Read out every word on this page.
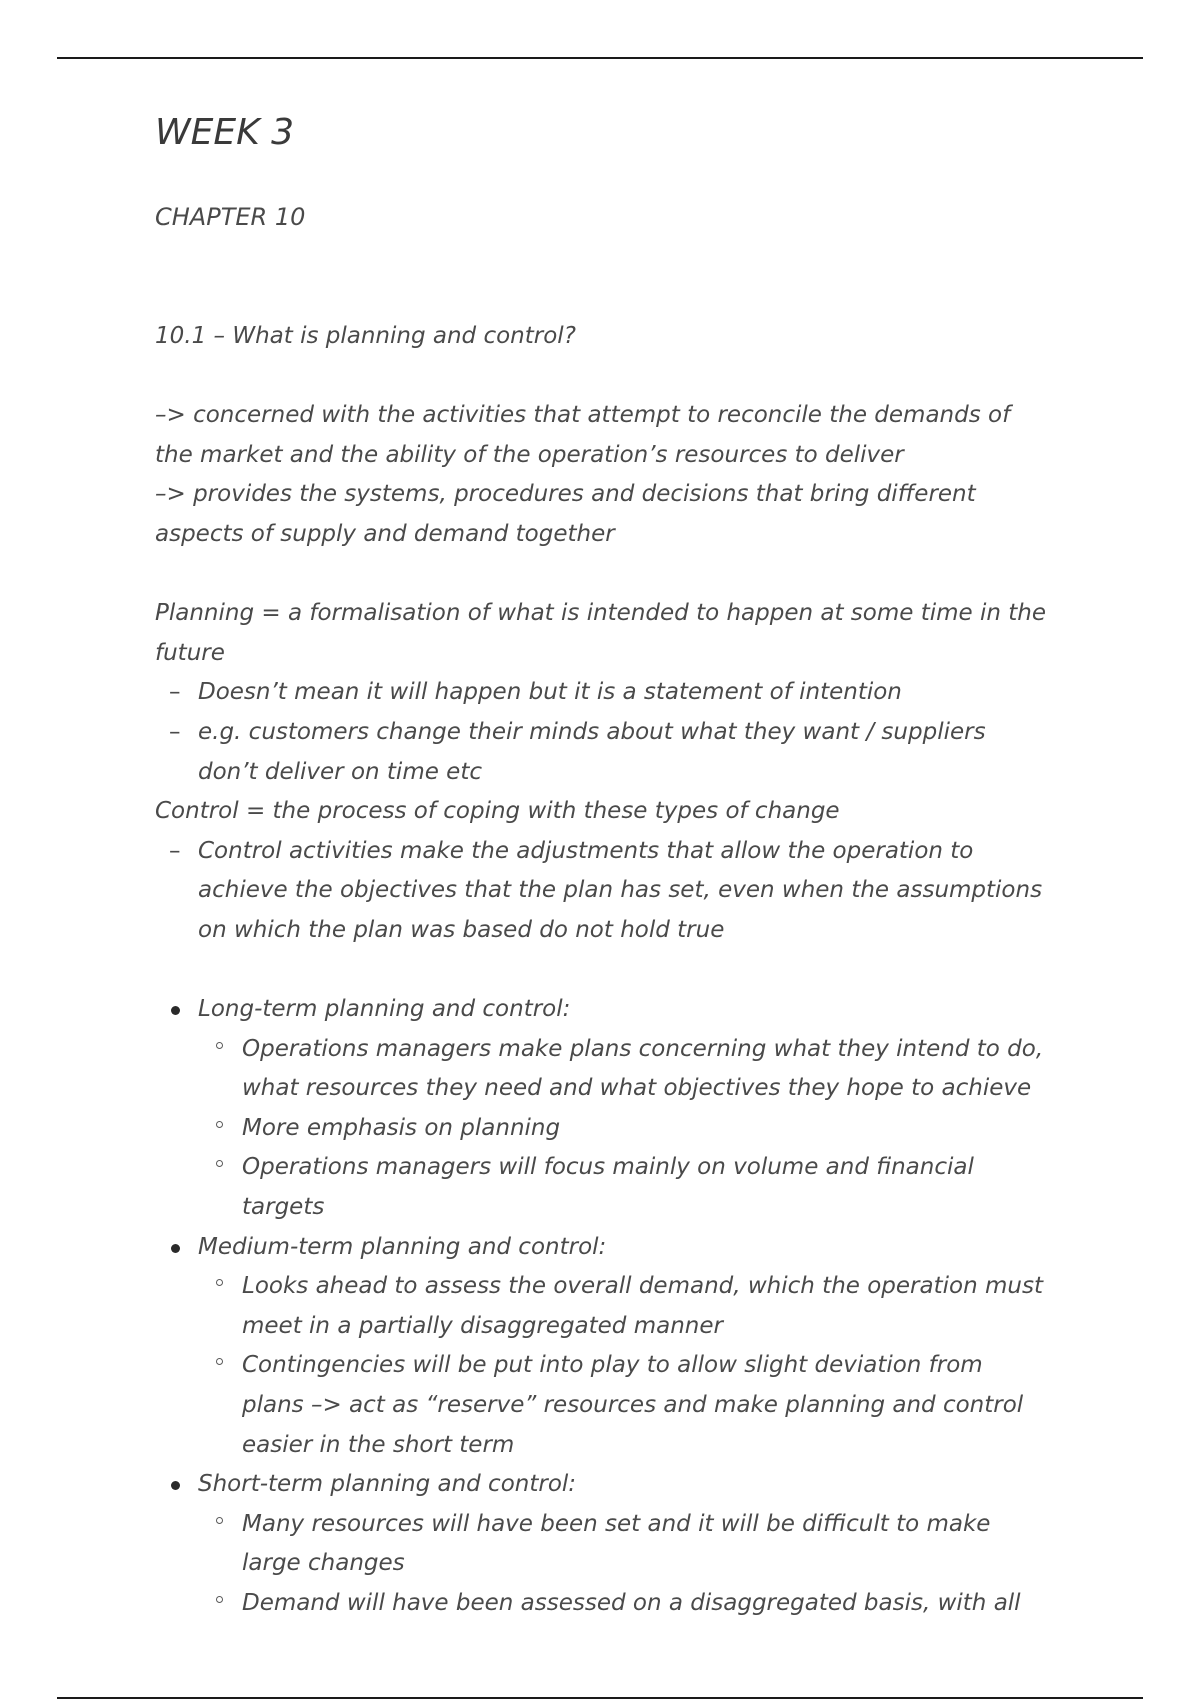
WEEK 3
CHAPTER 10
10.1 – What is planning and control?
–> concerned with the activities that attempt to reconcile the demands of
the market and the ability of the operation’s resources to deliver
–> provides the systems, procedures and decisions that bring different
aspects of supply and demand together
Planning = a formalisation of what is intended to happen at some time in the
future
– Doesn’t mean it will happen but it is a statement of intention
– e.g. customers change their minds about what they want / suppliers
don’t deliver on time etc
Control = the process of coping with these types of change
– Control activities make the adjustments that allow the operation to
achieve the objectives that the plan has set, even when the assumptions
on which the plan was based do not hold true
Long-term planning and control:
Operations managers make plans concerning what they intend to do,
what resources they need and what objectives they hope to achieve
More emphasis on planning
Operations managers will focus mainly on volume and financial
targets
Medium-term planning and control:
Looks ahead to assess the overall demand, which the operation must
meet in a partially disaggregated manner
Contingencies will be put into play to allow slight deviation from
plans –> act as “reserve” resources and make planning and control
easier in the short term
Short-term planning and control:
Many resources will have been set and it will be difficult to make
large changes
Demand will have been assessed on a disaggregated basis, with all
